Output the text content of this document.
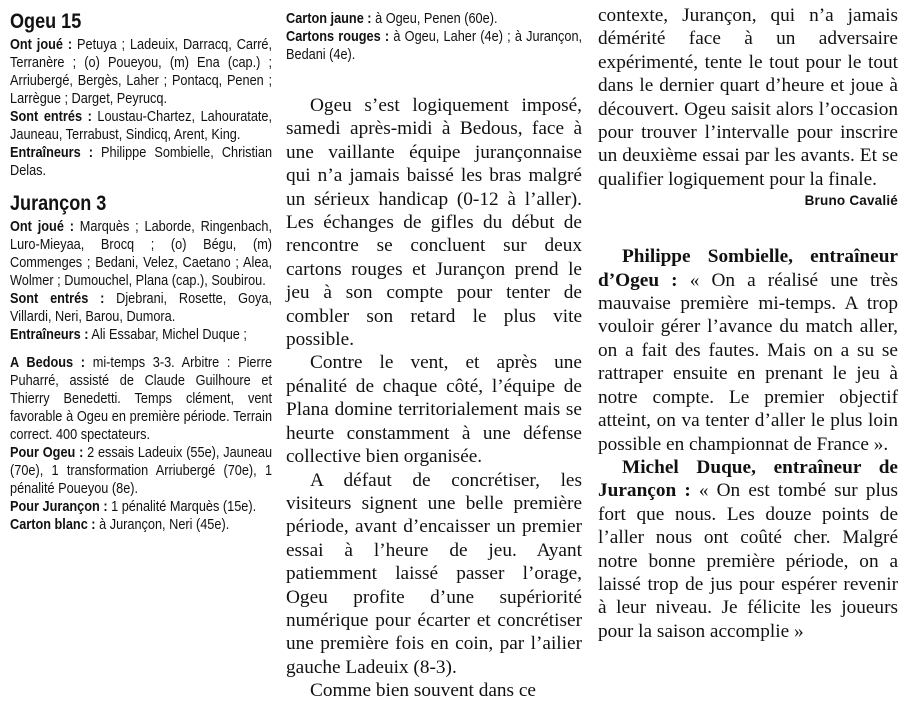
Ogeu 15

Ont joué : Petuya ; Ladeuix, Darracq, Carré, Terranère ; (o) Poueyou, (m) Ena (cap.) ; Arriubergé, Bergès, Laher ; Pontacq, Penen ; Larrègue ; Darget, Peyrucq.

Sont entrés : Loustau-Chartez, Lahouratate, Jauneau, Terrabust, Sindicq, Arent, King.

Entraîneurs : Philippe Sombielle, Christian Delas.

Jurançon 3

Ont joué : Marquès ; Laborde, Ringenbach, Luro-Mieyaa, Brocq ; (o) Bégu, (m) Commenges ; Bedani, Velez, Caetano ; Alea, Wolmer ; Dumouchel, Plana (cap.), Soubirou.

Sont entrés : Djebrani, Rosette, Goya, Villardi, Neri, Barou, Dumora.

Entraîneurs : Ali Essabar, Michel Duque ;

A Bedous : mi-temps 3-3. Arbitre : Pierre Puharré, assisté de Claude Guilhoure et Thierry Benedetti. Temps clément, vent favorable à Ogeu en première période. Terrain correct. 400 spectateurs.

Pour Ogeu : 2 essais Ladeuix (55e), Jauneau (70e), 1 transformation Arriubergé (70e), 1 pénalité Poueyou (8e).

Pour Jurançon : 1 pénalité Marquès (15e).

Carton blanc : à Jurançon, Neri (45e).

Carton jaune : à Ogeu, Penen (60e).

Cartons rouges : à Ogeu, Laher (4e) ; à Jurançon, Bedani (4e).

Ogeu s’est logiquement imposé, samedi après-midi à Bedous, face à une vaillante équipe jurançonnaise qui n’a jamais baissé les bras malgré un sérieux handicap (0-12 à l’aller). Les échanges de gifles du début de rencontre se concluent sur deux cartons rouges et Jurançon prend le jeu à son compte pour tenter de combler son retard le plus vite possible.

Contre le vent, et après une pénalité de chaque côté, l’équipe de Plana domine territorialement mais se heurte constamment à une défense collective bien organisée.

A défaut de concrétiser, les visiteurs signent une belle première période, avant d’encaisser un premier essai à l’heure de jeu. Ayant patiemment laissé passer l’orage, Ogeu profite d’une supériorité numérique pour écarter et concrétiser une première fois en coin, par l’ailier gauche Ladeuix (8-3).

Comme bien souvent dans ce

contexte, Jurançon, qui n’a jamais démérité face à un adversaire expérimenté, tente le tout pour le tout dans le dernier quart d’heure et joue à découvert. Ogeu saisit alors l’occasion pour trouver l’intervalle pour inscrire un deuxième essai par les avants. Et se qualifier logiquement pour la finale.

Bruno Cavalié

Philippe Sombielle, entraîneur d’Ogeu : « On a réalisé une très mauvaise première mi-temps. A trop vouloir gérer l’avance du match aller, on a fait des fautes. Mais on a su se rattraper ensuite en prenant le jeu à notre compte. Le premier objectif atteint, on va tenter d’aller le plus loin possible en championnat de France ».

Michel Duque, entraîneur de Jurançon : « On est tombé sur plus fort que nous. Les douze points de l’aller nous ont coûté cher. Malgré notre bonne première période, on a laissé trop de jus pour espérer revenir à leur niveau. Je félicite les joueurs pour la saison accomplie »
